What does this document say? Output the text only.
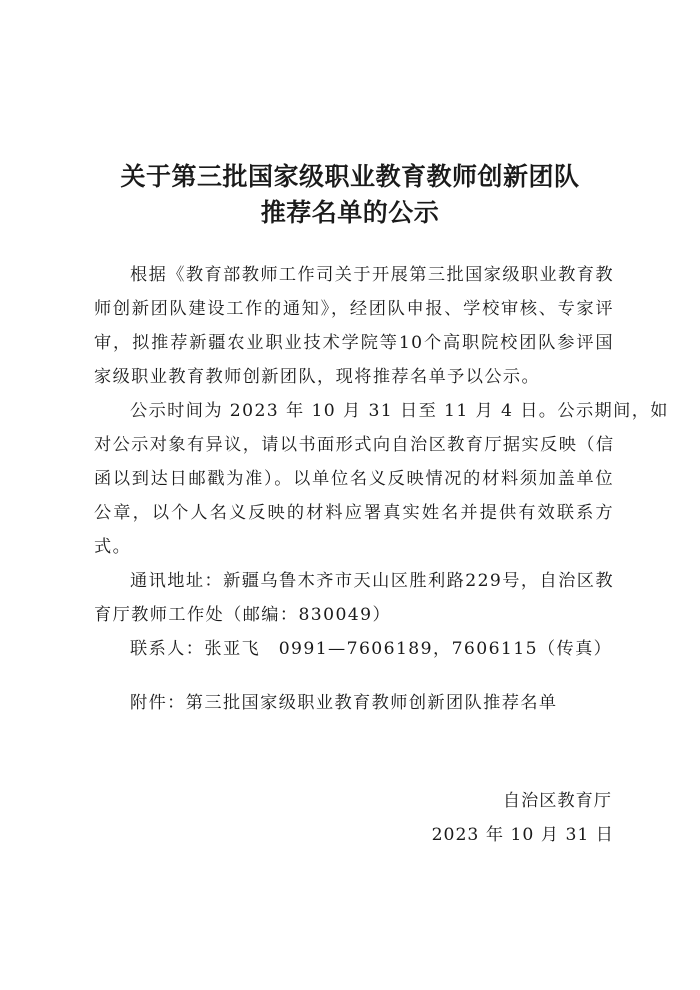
关于第三批国家级职业教育教师创新团队
推荐名单的公示
根据《教育部教师工作司关于开展第三批国家级职业教育教
师创新团队建设工作的通知》，经团队申报、学校审核、专家评
审，拟推荐新疆农业职业技术学院等10个高职院校团队参评国
家级职业教育教师创新团队，现将推荐名单予以公示。
公示时间为 2023 年 10 月 31 日至 11 月 4 日。公示期间，如
对公示对象有异议，请以书面形式向自治区教育厅据实反映（信
函以到达日邮戳为准）。以单位名义反映情况的材料须加盖单位
公章，以个人名义反映的材料应署真实姓名并提供有效联系方
式。
通讯地址：新疆乌鲁木齐市天山区胜利路229号，自治区教
育厅教师工作处（邮编：830049）
联系人：张亚飞　0991—7606189，7606115（传真）
附件：第三批国家级职业教育教师创新团队推荐名单
自治区教育厅
2023 年 10 月 31 日
